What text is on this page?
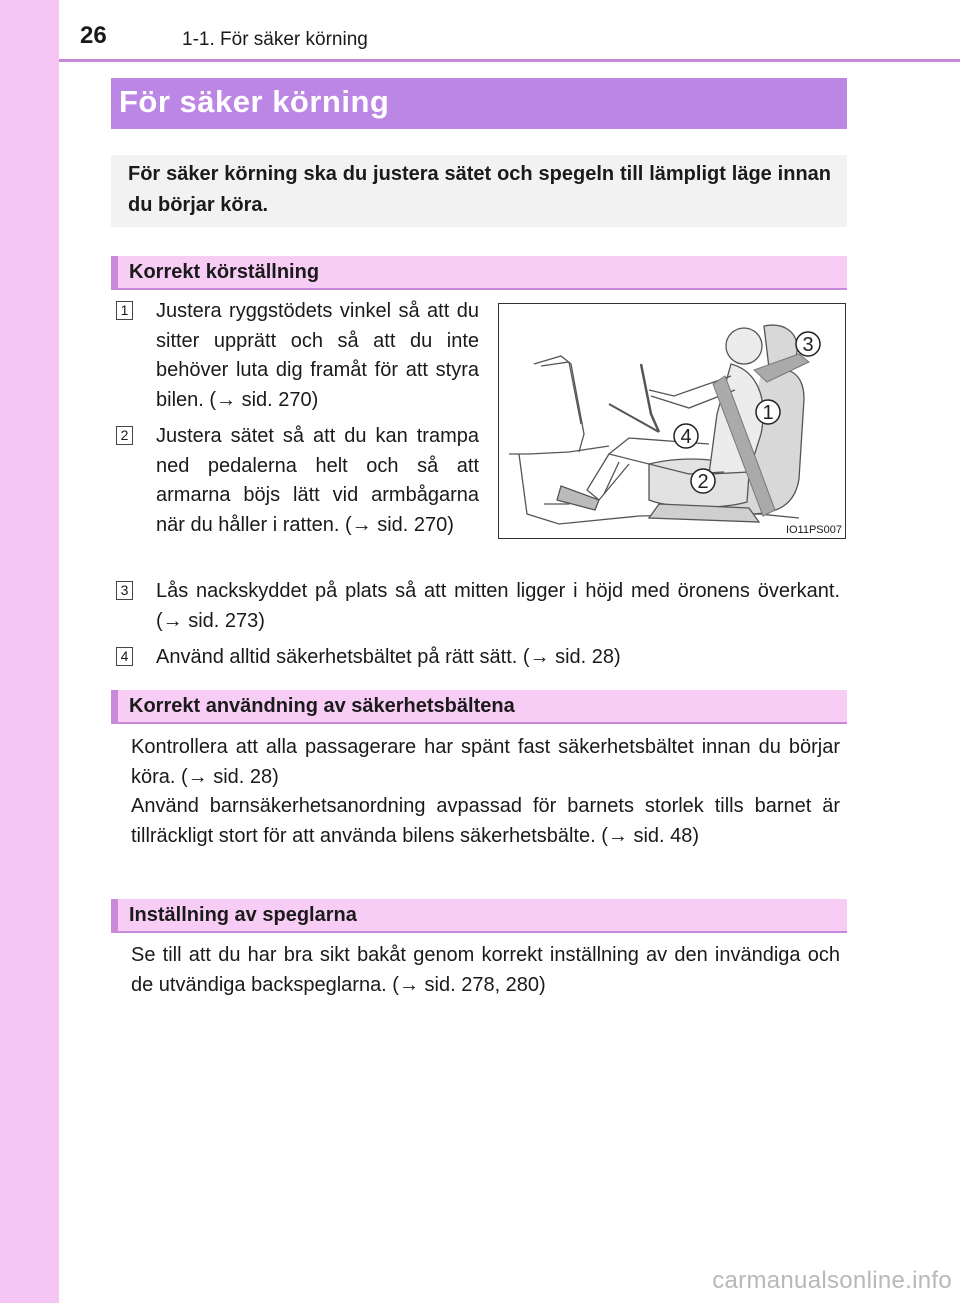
26	1-1. För säker körning
För säker körning

För säker körning ska du justera sätet och spegeln till lämpligt läge innan du börjar köra.

Korrekt körställning
1 Justera ryggstödets vinkel så att du sitter upprätt och så att du inte behöver luta dig framåt för att styra bilen. (→ sid. 270)
2 Justera sätet så att du kan trampa ned pedalerna helt och så att armarna böjs lätt vid armbågarna när du håller i ratten. (→ sid. 270)
3 Lås nackskyddet på plats så att mitten ligger i höjd med öronens överkant. (→ sid. 273)
4 Använd alltid säkerhetsbältet på rätt sätt. (→ sid. 28)
3
1
4
2
IO11PS007
Korrekt användning av säkerhetsbältena

Kontrollera att alla passagerare har spänt fast säkerhetsbältet innan du börjar köra. (→ sid. 28)

Använd barnsäkerhetsanordning avpassad för barnets storlek tills barnet är tillräckligt stort för att använda bilens säkerhetsbälte. (→ sid. 48)

Inställning av speglarna

Se till att du har bra sikt bakåt genom korrekt inställning av den invändiga och de utvändiga backspeglarna. (→ sid. 278, 280)

carmanualsonline.info
